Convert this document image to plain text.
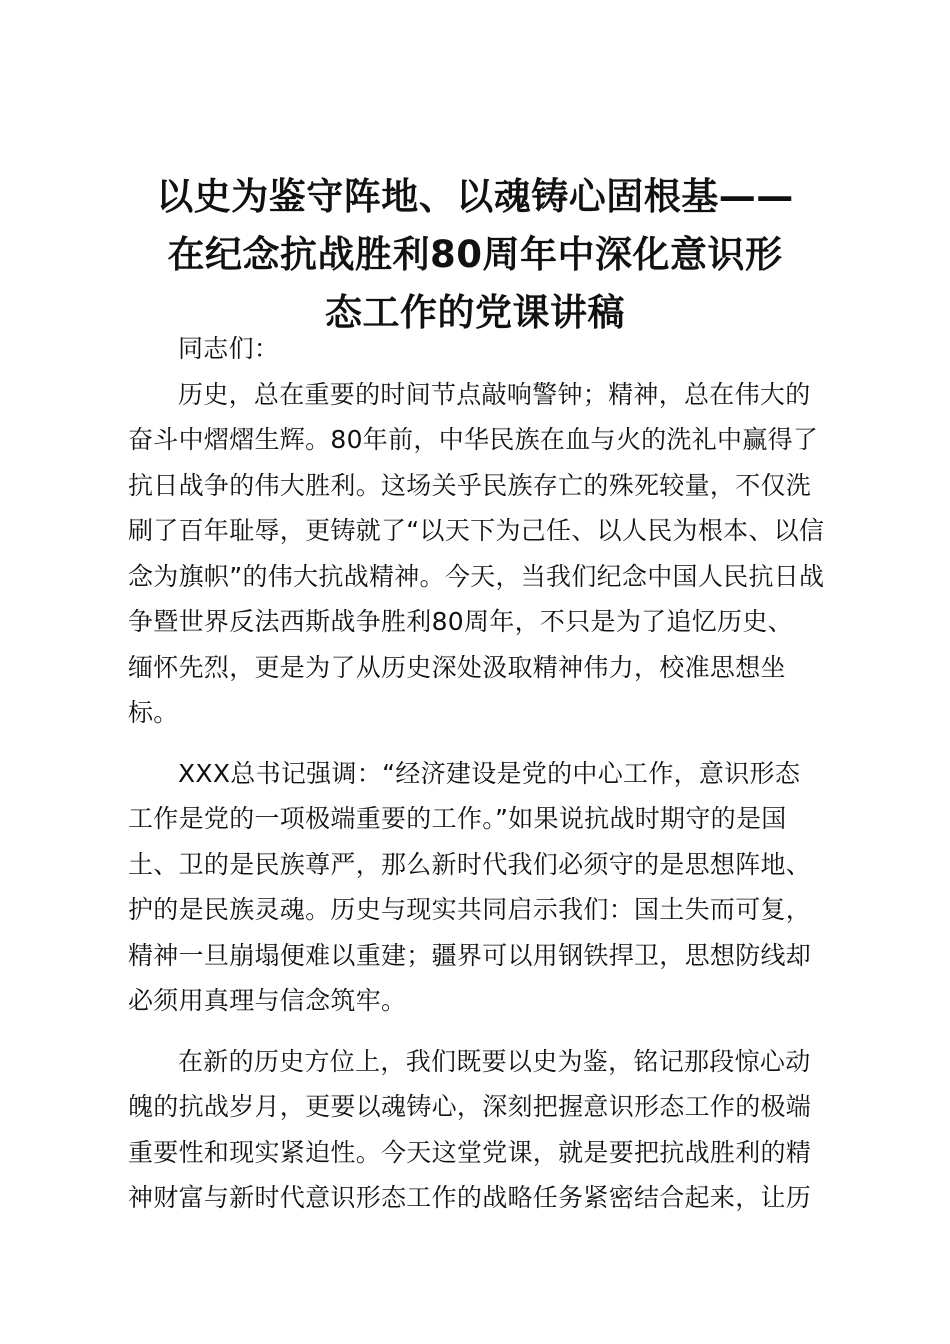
以史为鉴守阵地、以魂铸心固根基——
在纪念抗战胜利80周年中深化意识形
态工作的党课讲稿
同志们：
历史，总在重要的时间节点敲响警钟；精神，总在伟大的
奋斗中熠熠生辉。80年前，中华民族在血与火的洗礼中赢得了
抗日战争的伟大胜利。这场关乎民族存亡的殊死较量，不仅洗
刷了百年耻辱，更铸就了“以天下为己任、以人民为根本、以信
念为旗帜”的伟大抗战精神。今天，当我们纪念中国人民抗日战
争暨世界反法西斯战争胜利80周年，不只是为了追忆历史、
缅怀先烈，更是为了从历史深处汲取精神伟力，校准思想坐
标。
XXX总书记强调：“经济建设是党的中心工作，意识形态
工作是党的一项极端重要的工作。”如果说抗战时期守的是国
土、卫的是民族尊严，那么新时代我们必须守的是思想阵地、
护的是民族灵魂。历史与现实共同启示我们：国土失而可复，
精神一旦崩塌便难以重建；疆界可以用钢铁捍卫，思想防线却
必须用真理与信念筑牢。
在新的历史方位上，我们既要以史为鉴，铭记那段惊心动
魄的抗战岁月，更要以魂铸心，深刻把握意识形态工作的极端
重要性和现实紧迫性。今天这堂党课，就是要把抗战胜利的精
神财富与新时代意识形态工作的战略任务紧密结合起来，让历
